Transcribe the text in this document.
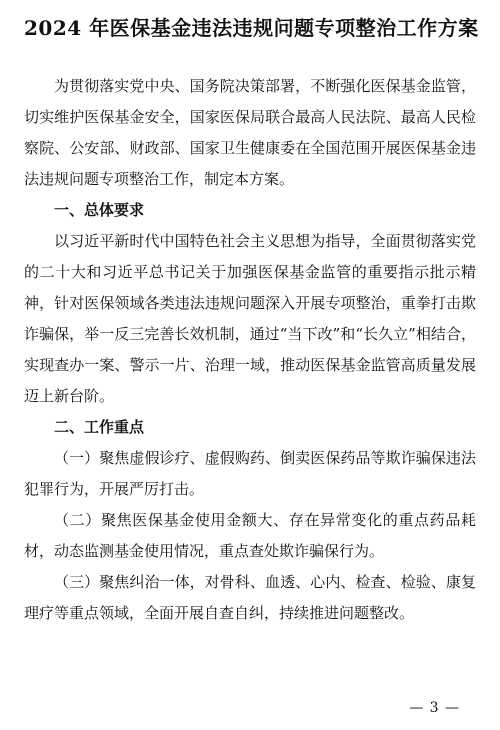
2024 年医保基金违法违规问题专项整治工作方案

为贯彻落实党中央、国务院决策部署，不断强化医保基金监管，切实维护医保基金安全，国家医保局联合最高人民法院、最高人民检察院、公安部、财政部、国家卫生健康委在全国范围开展医保基金违法违规问题专项整治工作，制定本方案。

一、总体要求

以习近平新时代中国特色社会主义思想为指导，全面贯彻落实党的二十大和习近平总书记关于加强医保基金监管的重要指示批示精神，针对医保领域各类违法违规问题深入开展专项整治，重拳打击欺诈骗保，举一反三完善长效机制，通过“当下改”和“长久立”相结合，实现查办一案、警示一片、治理一域，推动医保基金监管高质量发展迈上新台阶。

二、工作重点

（一）聚焦虚假诊疗、虚假购药、倒卖医保药品等欺诈骗保违法犯罪行为，开展严厉打击。

（二）聚焦医保基金使用金额大、存在异常变化的重点药品耗材，动态监测基金使用情况，重点查处欺诈骗保行为。

（三）聚焦纠治一体，对骨科、血透、心内、检查、检验、康复理疗等重点领域，全面开展自查自纠，持续推进问题整改。

— 3 —
